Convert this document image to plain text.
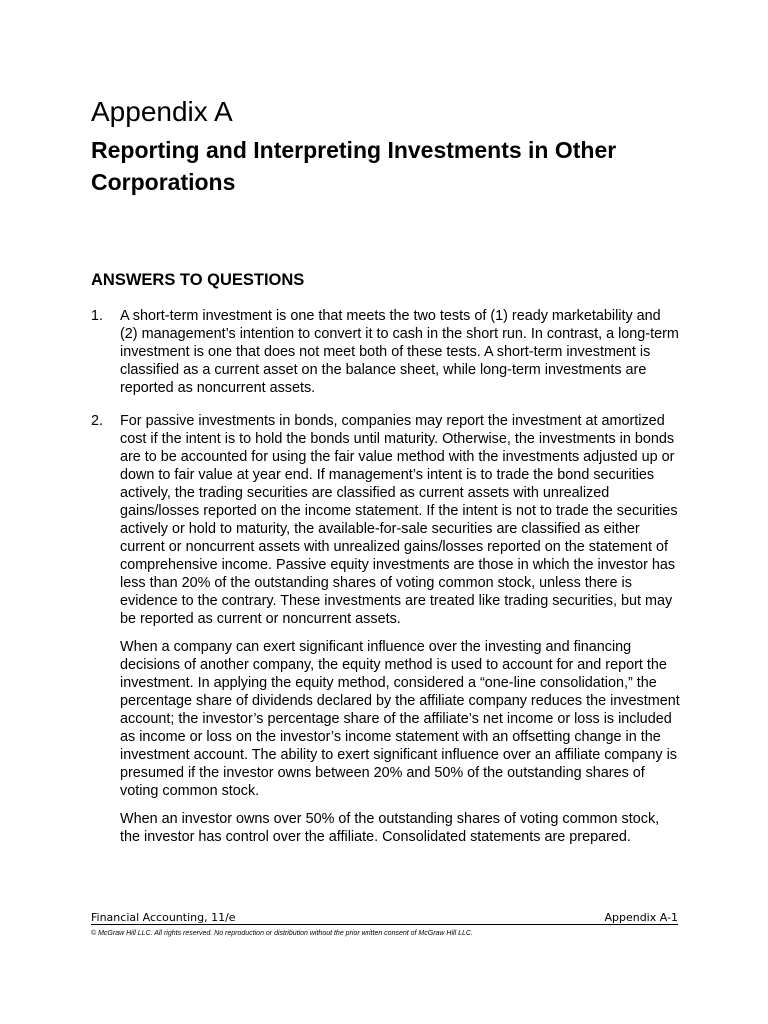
Appendix A
Reporting and Interpreting Investments in Other Corporations
ANSWERS TO QUESTIONS
1. A short-term investment is one that meets the two tests of (1) ready marketability and (2) management’s intention to convert it to cash in the short run. In contrast, a long-term investment is one that does not meet both of these tests. A short-term investment is classified as a current asset on the balance sheet, while long-term investments are reported as noncurrent assets.

2. For passive investments in bonds, companies may report the investment at amortized cost if the intent is to hold the bonds until maturity. Otherwise, the investments in bonds are to be accounted for using the fair value method with the investments adjusted up or down to fair value at year end. If management’s intent is to trade the bond securities actively, the trading securities are classified as current assets with unrealized gains/losses reported on the income statement. If the intent is not to trade the securities actively or hold to maturity, the available-for-sale securities are classified as either current or noncurrent assets with unrealized gains/losses reported on the statement of comprehensive income. Passive equity investments are those in which the investor has less than 20% of the outstanding shares of voting common stock, unless there is evidence to the contrary. These investments are treated like trading securities, but may be reported as current or noncurrent assets.

When a company can exert significant influence over the investing and financing decisions of another company, the equity method is used to account for and report the investment. In applying the equity method, considered a “one-line consolidation,” the percentage share of dividends declared by the affiliate company reduces the investment account; the investor’s percentage share of the affiliate’s net income or loss is included as income or loss on the investor’s income statement with an offsetting change in the investment account. The ability to exert significant influence over an affiliate company is presumed if the investor owns between 20% and 50% of the outstanding shares of voting common stock.

When an investor owns over 50% of the outstanding shares of voting common stock, the investor has control over the affiliate. Consolidated statements are prepared.

Financial Accounting, 11/e	Appendix A-1
© McGraw Hill LLC. All rights reserved. No reproduction or distribution without the prior written consent of McGraw Hill LLC.
